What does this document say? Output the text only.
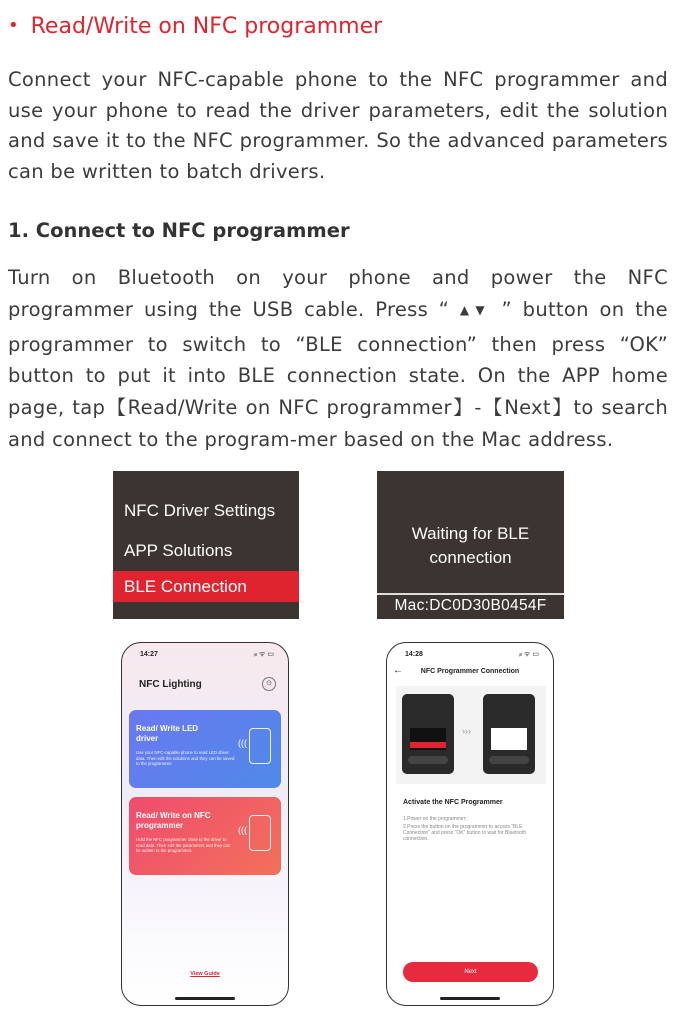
• Read/Write on NFC programmer
Connect your NFC-capable phone to the NFC programmer and use your phone to read the driver parameters, edit the solution and save it to the NFC programmer. So the advanced parameters can be written to batch drivers.
1. Connect to NFC programmer
Turn on Bluetooth on your phone and power the NFC programmer using the USB cable. Press “ ▲▼ ” button on the programmer to switch to “BLE connection” then press “OK” button to put it into BLE connection state. On the APP home page, tap【Read/Write on NFC programmer】-【Next】to search and connect to the program-mer based on the Mac address.
NFC Driver Settings
APP Solutions
BLE Connection
Waiting for BLE
connection
Mac:DC0D30B0454F
14:27	ᵢₗₗ ᯤ ▭
NFC Lighting	⊙
Read/ Write LED driver
Use your NFC-capable phone to read LED driver data. Then edit the solutions and they can be saved to the programmer.
(((
Read/ Write on NFC programmer
Hold the NFC programmer close to the driver to read data. Then edit the parameters and they can be written to the programmer.
(((
View Guide
14:28	ᵢₗₗ ᯤ ▭
←	NFC Programmer Connection
›››
Activate the NFC Programmer
1.Power on the programmer;
2.Press the button on the programmer to access “BLE Connection” and press “OK” button to wait for Bluetooth connection.
Next
